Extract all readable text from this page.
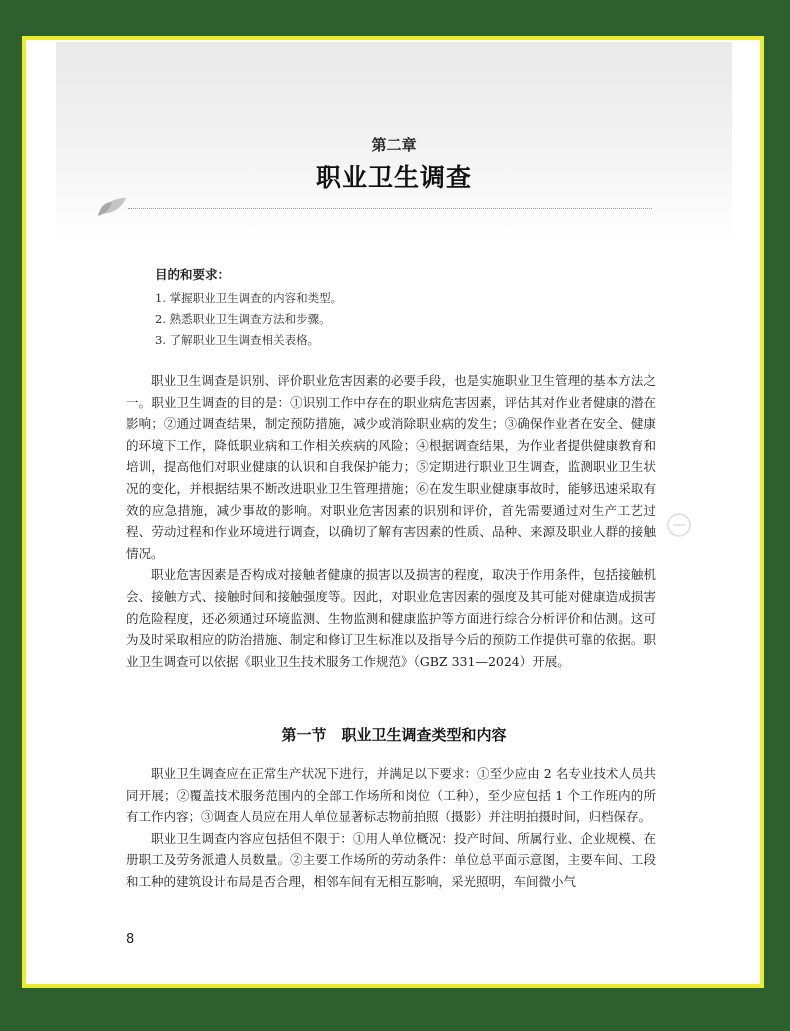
第二章
职业卫生调查
目的和要求：
1. 掌握职业卫生调查的内容和类型。
2. 熟悉职业卫生调查方法和步骤。
3. 了解职业卫生调查相关表格。

职业卫生调查是识别、评价职业危害因素的必要手段，也是实施职业卫生管理的基本方法之一。职业卫生调查的目的是：①识别工作中存在的职业病危害因素，评估其对作业者健康的潜在影响；②通过调查结果，制定预防措施，减少或消除职业病的发生；③确保作业者在安全、健康的环境下工作，降低职业病和工作相关疾病的风险；④根据调查结果，为作业者提供健康教育和培训，提高他们对职业健康的认识和自我保护能力；⑤定期进行职业卫生调查，监测职业卫生状况的变化，并根据结果不断改进职业卫生管理措施；⑥在发生职业健康事故时，能够迅速采取有效的应急措施，减少事故的影响。对职业危害因素的识别和评价，首先需要通过对生产工艺过程、劳动过程和作业环境进行调查，以确切了解有害因素的性质、品种、来源及职业人群的接触情况。

职业危害因素是否构成对接触者健康的损害以及损害的程度，取决于作用条件，包括接触机会、接触方式、接触时间和接触强度等。因此，对职业危害因素的强度及其可能对健康造成损害的危险程度，还必须通过环境监测、生物监测和健康监护等方面进行综合分析评价和估测。这可为及时采取相应的防治措施、制定和修订卫生标准以及指导今后的预防工作提供可靠的依据。职业卫生调查可以依据《职业卫生技术服务工作规范》（GBZ 331—2024）开展。

第一节　职业卫生调查类型和内容

职业卫生调查应在正常生产状况下进行，并满足以下要求：①至少应由 2 名专业技术人员共同开展；②覆盖技术服务范围内的全部工作场所和岗位（工种），至少应包括 1 个工作班内的所有工作内容；③调查人员应在用人单位显著标志物前拍照（摄影）并注明拍摄时间，归档保存。

职业卫生调查内容应包括但不限于：①用人单位概况：投产时间、所属行业、企业规模、在册职工及劳务派遣人员数量。②主要工作场所的劳动条件：单位总平面示意图，主要车间、工段和工种的建筑设计布局是否合理，相邻车间有无相互影响，采光照明，车间微小气

8
